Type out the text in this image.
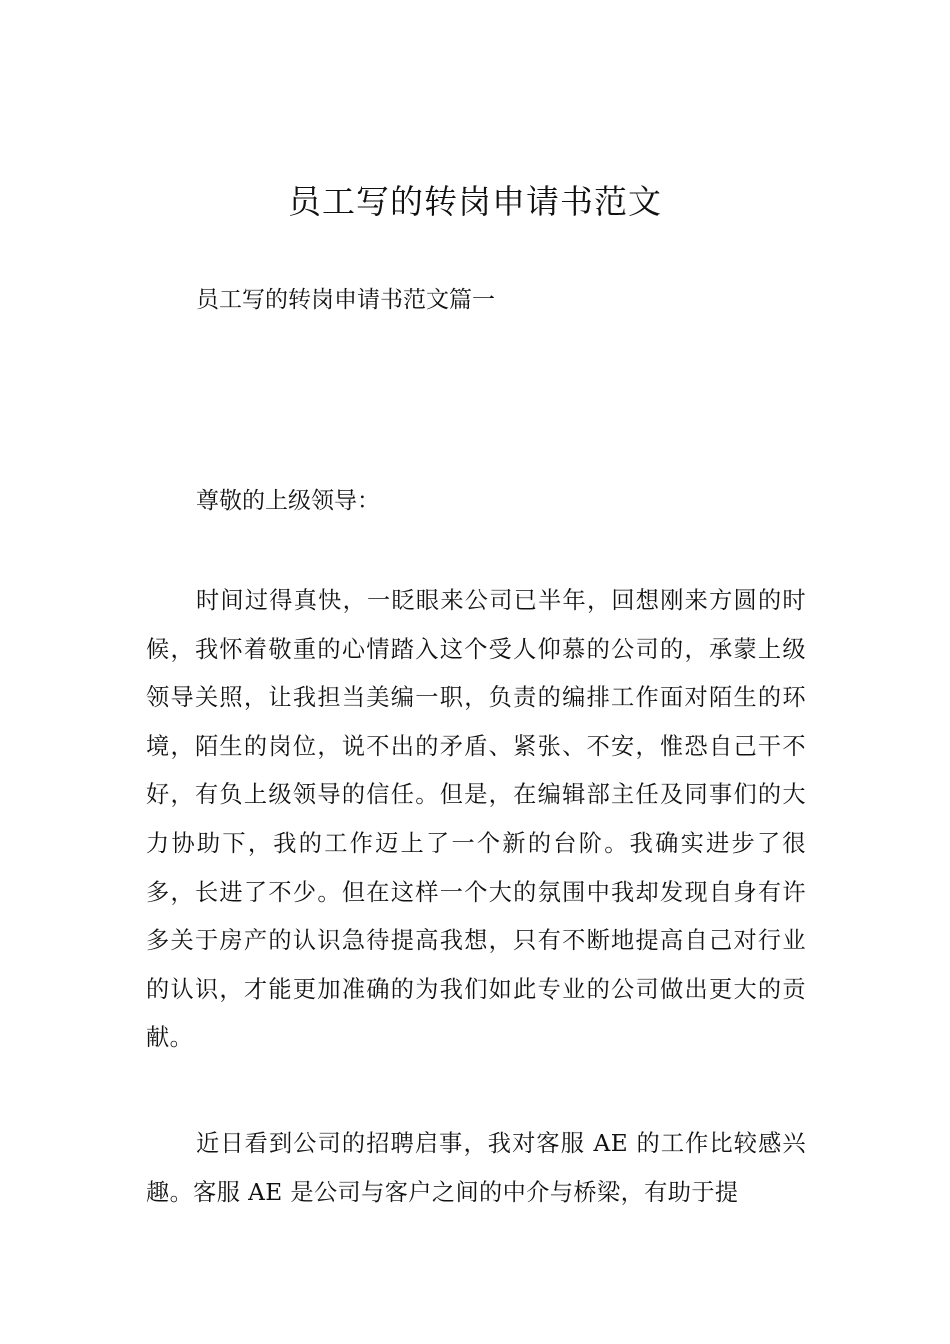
员工写的转岗申请书范文

员工写的转岗申请书范文篇一

尊敬的上级领导：

时间过得真快，一眨眼来公司已半年，回想刚来方圆的时候，我怀着敬重的心情踏入这个受人仰慕的公司的，承蒙上级领导关照，让我担当美编一职，负责的编排工作面对陌生的环境，陌生的岗位，说不出的矛盾、紧张、不安，惟恐自己干不好，有负上级领导的信任。但是，在编辑部主任及同事们的大力协助下，我的工作迈上了一个新的台阶。我确实进步了很多，长进了不少。但在这样一个大的氛围中我却发现自身有许多关于房产的认识急待提高我想，只有不断地提高自己对行业的认识，才能更加准确的为我们如此专业的公司做出更大的贡献。

近日看到公司的招聘启事，我对客服 AE 的工作比较感兴趣。客服 AE 是公司与客户之间的中介与桥梁，有助于提
